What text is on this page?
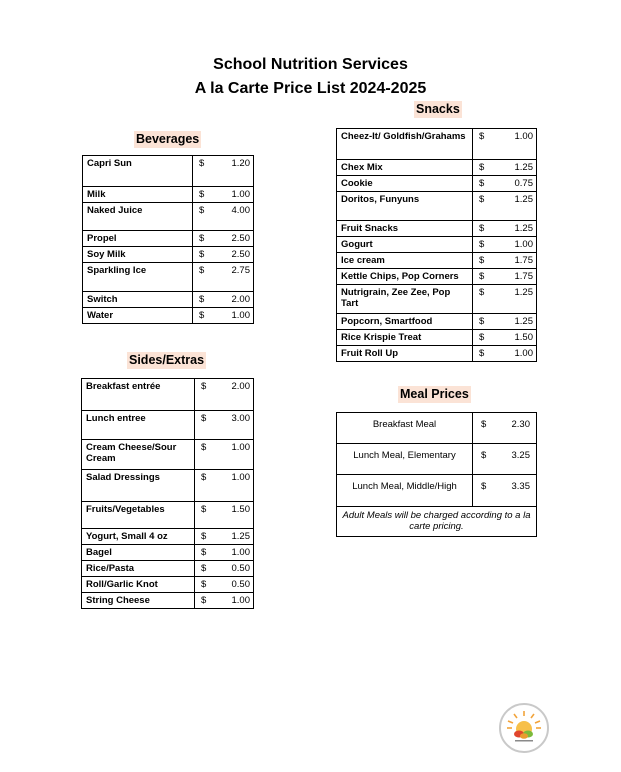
School Nutrition Services
A la Carte Price List 2024-2025
Beverages
Capri Sun	$ 1.20

Milk	$ 1.00

Naked Juice	$ 4.00

Propel	$ 2.50

Soy Milk	$ 2.50

Sparkling Ice	$ 2.75

Switch	$ 2.00

Water	$ 1.00
Sides/Extras
Breakfast entrée	$ 2.00

Lunch entree	$ 3.00

Cream Cheese/Sour Cream	$ 1.00

Salad Dressings	$ 1.00

Fruits/Vegetables	$ 1.50

Yogurt, Small 4 oz	$ 1.25

Bagel	$ 1.00

Rice/Pasta	$ 0.50

Roll/Garlic Knot	$ 0.50

String Cheese	$ 1.00
Snacks
Cheez-It/ Goldfish/Grahams	$ 1.00

Chex Mix	$ 1.25

Cookie	$ 0.75

Doritos, Funyuns	$ 1.25

Fruit Snacks	$ 1.25

Gogurt	$ 1.00

Ice cream	$ 1.75

Kettle Chips, Pop Corners	$ 1.75

Nutrigrain, Zee Zee, Pop Tart	$ 1.25

Popcorn, Smartfood	$ 1.25

Rice Krispie Treat	$ 1.50

Fruit Roll Up	$ 1.00
Meal Prices
Breakfast Meal	$ 2.30

Lunch Meal, Elementary	$ 3.25

Lunch Meal, Middle/High	$ 3.35

Adult Meals will be charged according to a la carte pricing.	
